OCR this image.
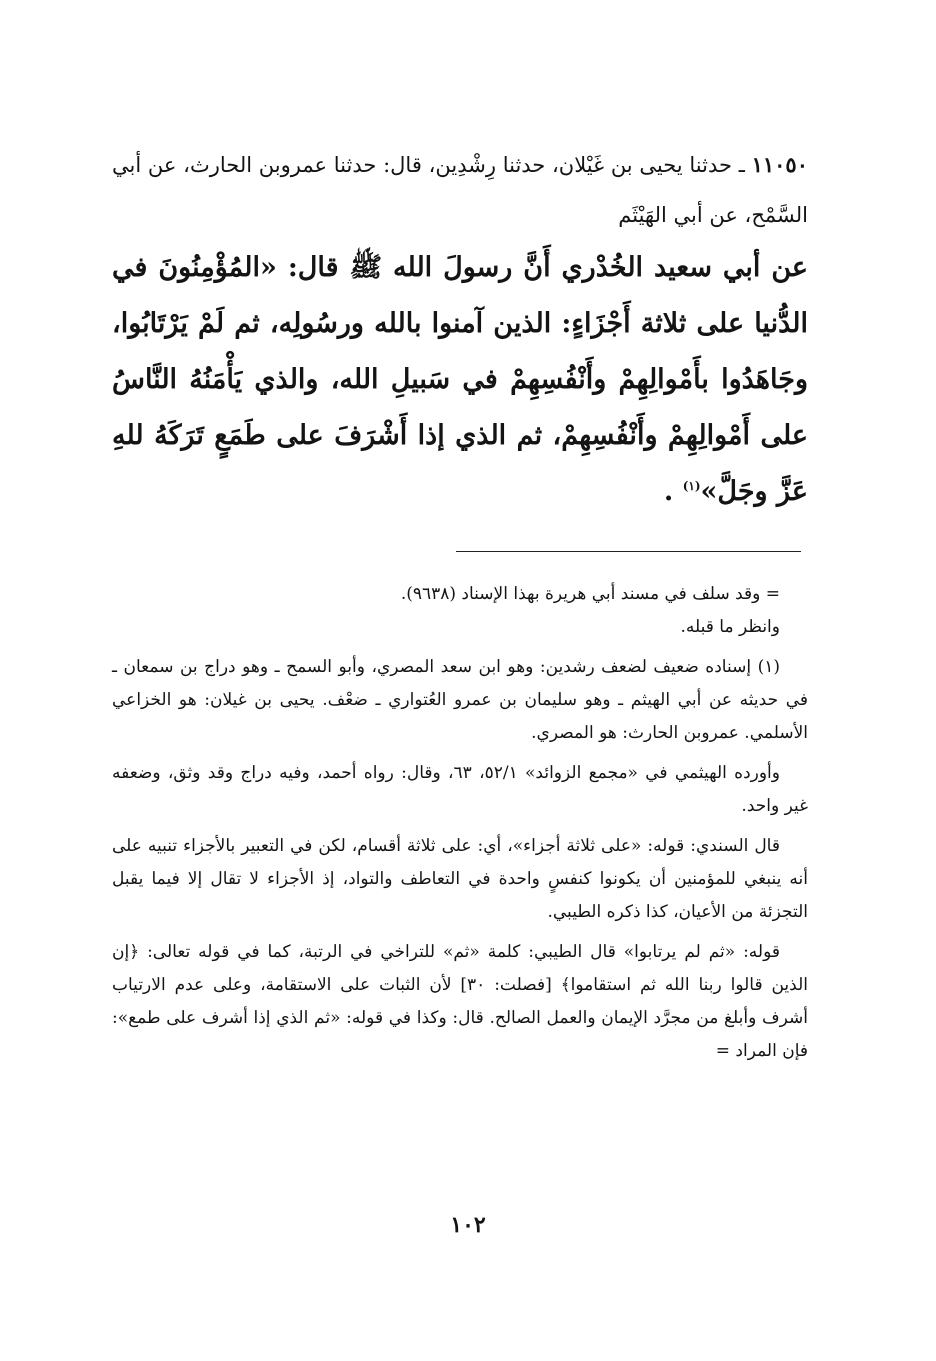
١١٠٥٠ ـ حدثنا يحيى بن غَيْلان، حدثنا رِشْدِين، قال: حدثنا عمروبن الحارث، عن أبي السَّمْح، عن أبي الهَيْثَم
عن أبي سعيد الخُدْري أَنَّ رسولَ الله ﷺ قال: «المُؤْمِنُونَ في الدُّنيا على ثلاثة أَجْزَاءٍ: الذين آمنوا بالله ورسُولِه، ثم لَمْ يَرْتَابُوا، وجَاهَدُوا بأَمْوالِهِمْ وأَنْفُسِهِمْ في سَبيلِ الله، والذي يَأْمَنُهُ النَّاسُ على أَمْوالِهِمْ وأَنْفُسِهِمْ، ثم الذي إذا أَشْرَفَ على طَمَعٍ تَرَكَهُ للهِ عَزَّ وجَلَّ»$^{(١)}$ .

= وقد سلف في مسند أبي هريرة بهذا الإسناد (٩٦٣٨).

وانظر ما قبله.

(١) إسناده ضعيف لضعف رشدين: وهو ابن سعد المصري، وأبو السمح ـ وهو دراج بن سمعان ـ في حديثه عن أبي الهيثم ـ وهو سليمان بن عمرو العُتواري ـ ضعْف. يحيى بن غيلان: هو الخزاعي الأسلمي. عمروبن الحارث: هو المصري.

وأورده الهيثمي في «مجمع الزوائد» ٥٢/١، ٦٣، وقال: رواه أحمد، وفيه دراج وقد وثق، وضعفه غير واحد.

قال السندي: قوله: «على ثلاثة أجزاء»، أي: على ثلاثة أقسام، لكن في التعبير بالأجزاء تنبيه على أنه ينبغي للمؤمنين أن يكونوا كنفسٍ واحدة في التعاطف والتواد، إذ الأجزاء لا تقال إلا فيما يقبل التجزئة من الأعيان، كذا ذكره الطيبي.

قوله: «ثم لم يرتابوا» قال الطيبي: كلمة «ثم» للتراخي في الرتبة، كما في قوله تعالى: ﴿إن الذين قالوا ربنا الله ثم استقاموا﴾ [فصلت: ٣٠] لأن الثبات على الاستقامة، وعلى عدم الارتياب أشرف وأبلغ من مجرَّد الإيمان والعمل الصالح. قال: وكذا في قوله: «ثم الذي إذا أشرف على طمع»: فإن المراد =

١٠٢
